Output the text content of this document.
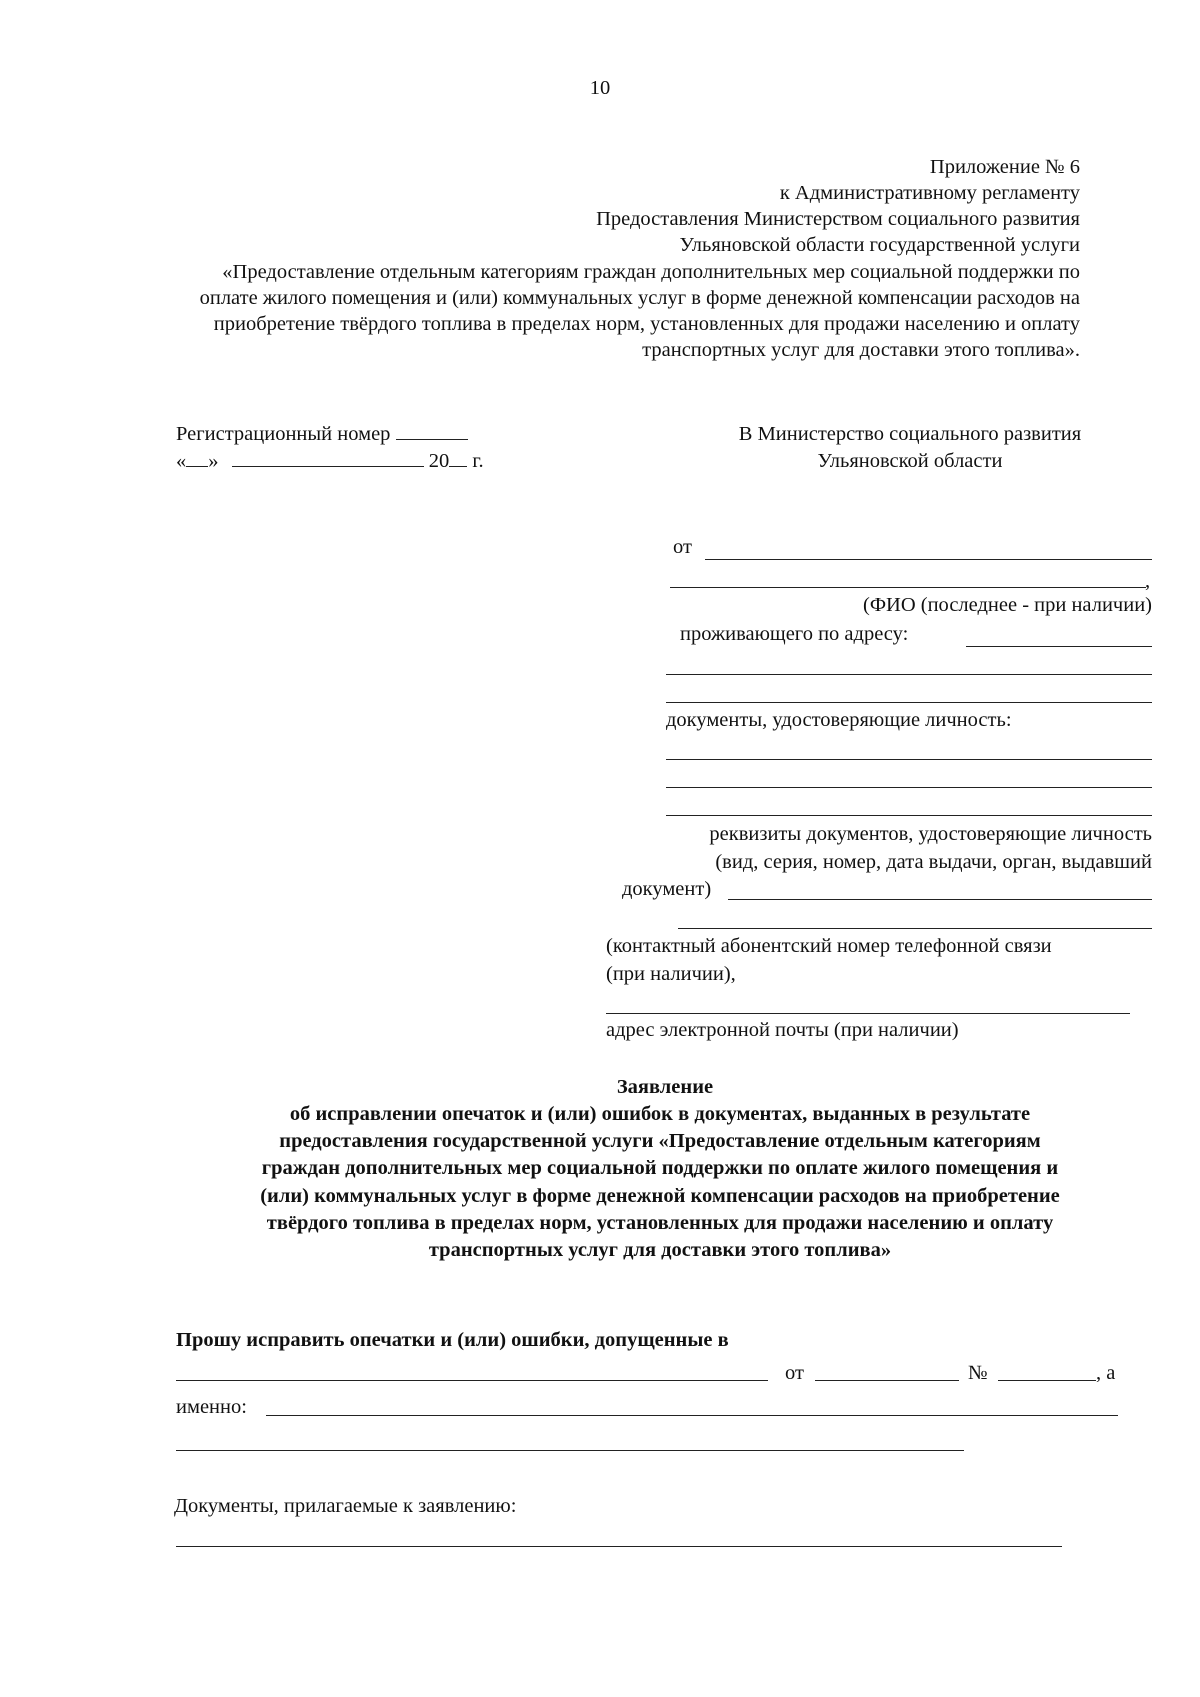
10
Приложение № 6
к Административному регламенту
Предоставления Министерством социального развития
Ульяновской области государственной услуги
«Предоставление отдельным категориям граждан дополнительных мер социальной поддержки по
оплате жилого помещения и (или) коммунальных услуг в форме денежной компенсации расходов на
приобретение твёрдого топлива в пределах норм, установленных для продажи населению и оплату
транспортных услуг для доставки этого топлива».
Регистрационный номер
« »	20 г.
В Министерство социального развития
Ульяновской области
от
,
(ФИО (последнее - при наличии)
проживающего по адресу:
документы, удостоверяющие личность:
реквизиты документов, удостоверяющие личность
(вид, серия, номер, дата выдачи, орган, выдавший
документ)
(контактный абонентский номер телефонной связи
(при наличии),
адрес электронной почты (при наличии)
Заявление
об исправлении опечаток и (или) ошибок в документах, выданных в результате
предоставления государственной услуги «Предоставление отдельным категориям
граждан дополнительных мер социальной поддержки по оплате жилого помещения и
(или) коммунальных услуг в форме денежной компенсации расходов на приобретение
твёрдого топлива в пределах норм, установленных для продажи населению и оплату
транспортных услуг для доставки этого топлива»
Прошу исправить опечатки и (или) ошибки, допущенные в
от	№	, а
именно:
Документы, прилагаемые к заявлению:
